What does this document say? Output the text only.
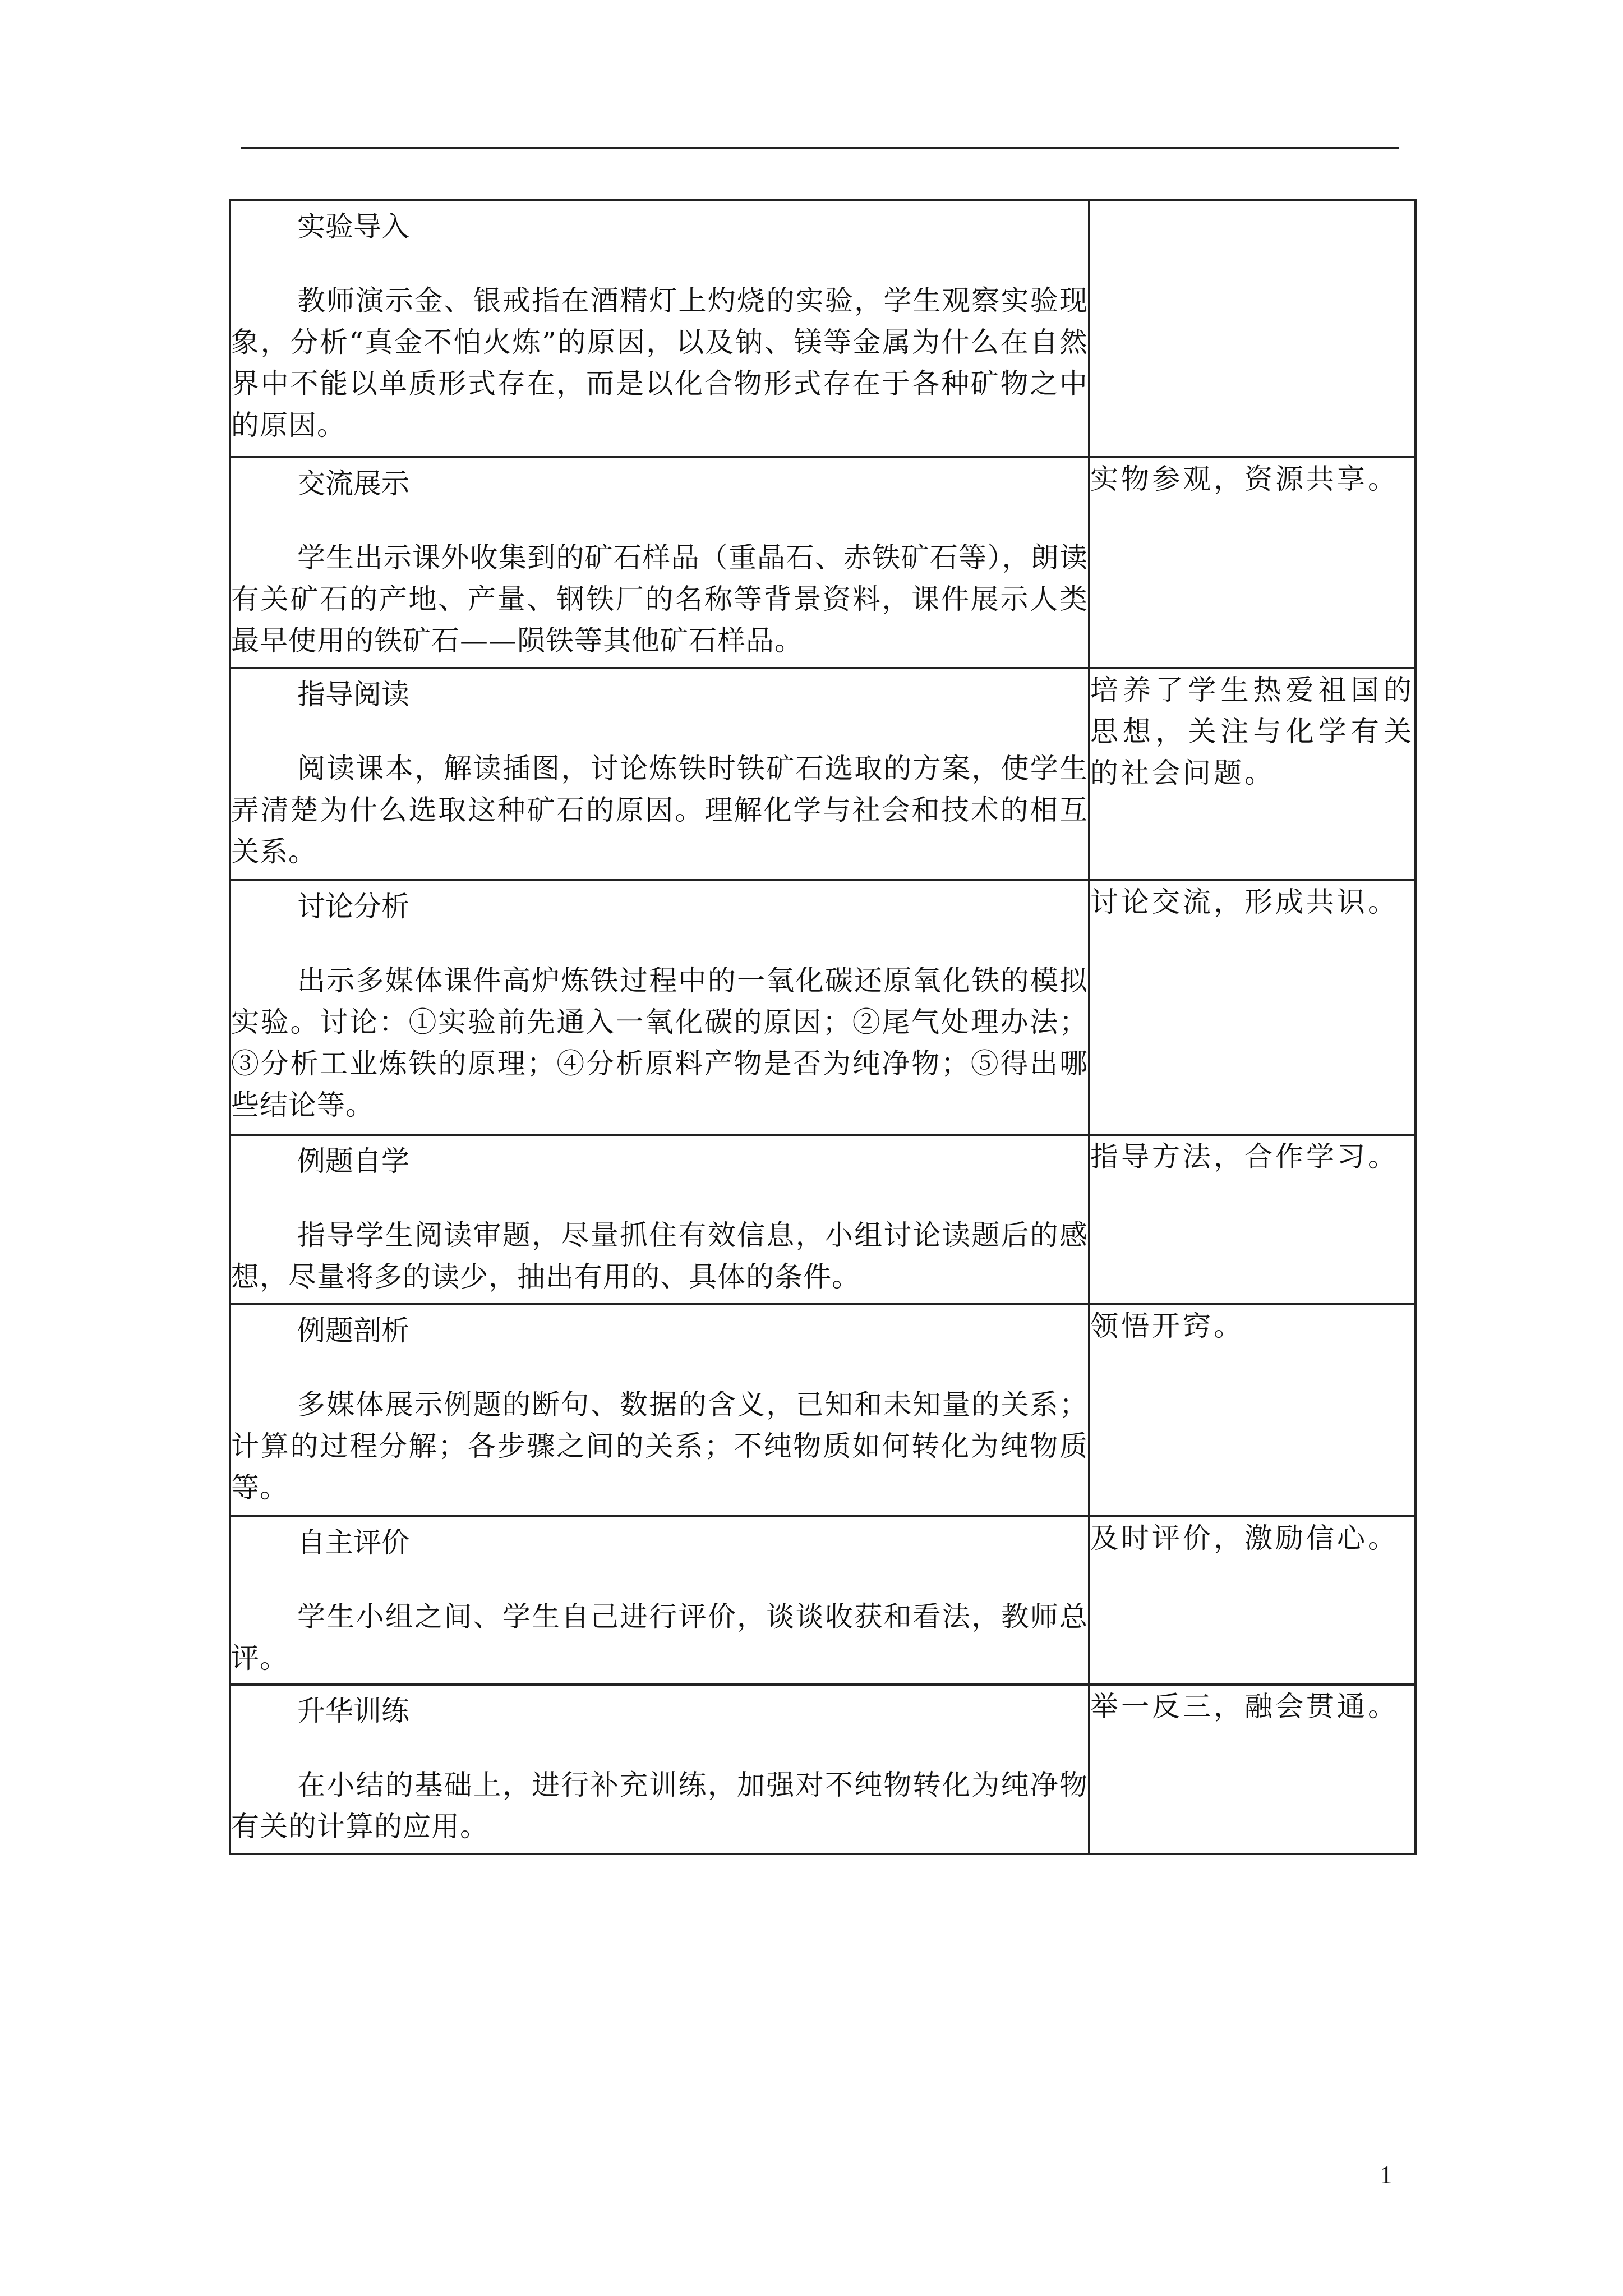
实验导入
教师演示金、银戒指在酒精灯上灼烧的实验，学生观察实验现象，分析“真金不怕火炼”的原因，以及钠、镁等金属为什么在自然界中不能以单质形式存在，而是以化合物形式存在于各种矿物之中的原因。	

交流展示
学生出示课外收集到的矿石样品（重晶石、赤铁矿石等），朗读有关矿石的产地、产量、钢铁厂的名称等背景资料，课件展示人类最早使用的铁矿石——陨铁等其他矿石样品。	实物参观，资源共享。

指导阅读
阅读课本，解读插图，讨论炼铁时铁矿石选取的方案，使学生弄清楚为什么选取这种矿石的原因。理解化学与社会和技术的相互关系。	培养了学生热爱祖国的思想，关注与化学有关的社会问题。

讨论分析
出示多媒体课件高炉炼铁过程中的一氧化碳还原氧化铁的模拟实验。讨论：①实验前先通入一氧化碳的原因；②尾气处理办法；③分析工业炼铁的原理；④分析原料产物是否为纯净物；⑤得出哪些结论等。	讨论交流，形成共识。

例题自学
指导学生阅读审题，尽量抓住有效信息，小组讨论读题后的感想，尽量将多的读少，抽出有用的、具体的条件。	指导方法，合作学习。

例题剖析
多媒体展示例题的断句、数据的含义，已知和未知量的关系；计算的过程分解；各步骤之间的关系；不纯物质如何转化为纯物质等。	领悟开窍。

自主评价
学生小组之间、学生自己进行评价，谈谈收获和看法，教师总评。	及时评价，激励信心。

升华训练
在小结的基础上，进行补充训练，加强对不纯物转化为纯净物有关的计算的应用。	举一反三，融会贯通。
1
